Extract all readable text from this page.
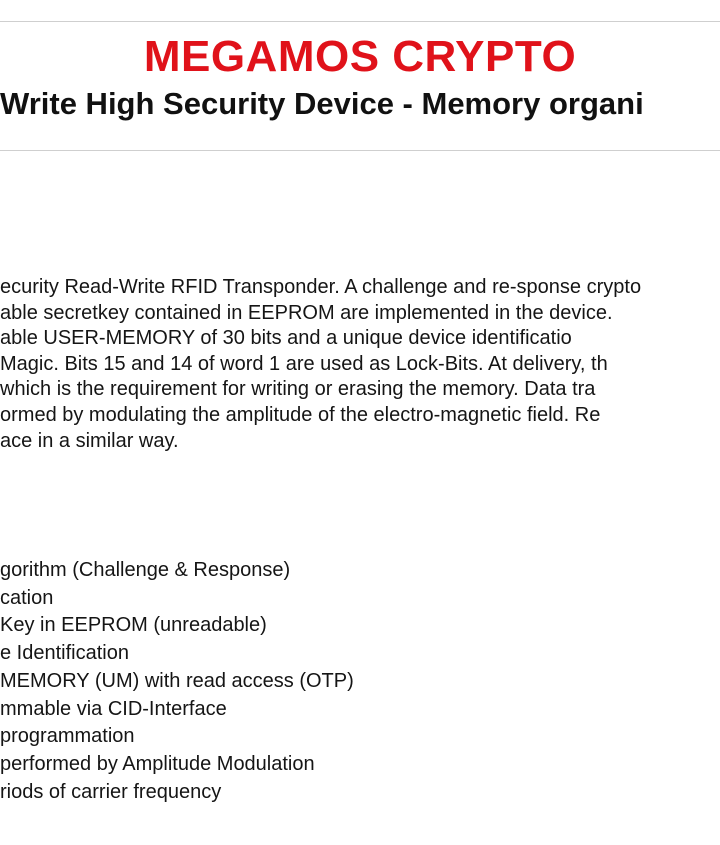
MEGAMOS CRYPTO
Write High Security Device - Memory organi

ecurity Read-Write RFID Transponder. A challenge and re-sponse crypto
able secretkey contained in EEPROM are implemented in the device.
able USER-MEMORY of 30 bits and a unique device identificatio
Magic. Bits 15 and 14 of word 1 are used as Lock-Bits. At delivery, th
which is the requirement for writing or erasing the memory. Data tra
ormed by modulating the amplitude of the electro-magnetic field. Re
ace in a similar way.

gorithm (Challenge & Response)
cation
Key in EEPROM (unreadable)
e Identification
MEMORY (UM) with read access (OTP)
mmable via CID-Interface
programmation
performed by Amplitude Modulation
riods of carrier frequency
